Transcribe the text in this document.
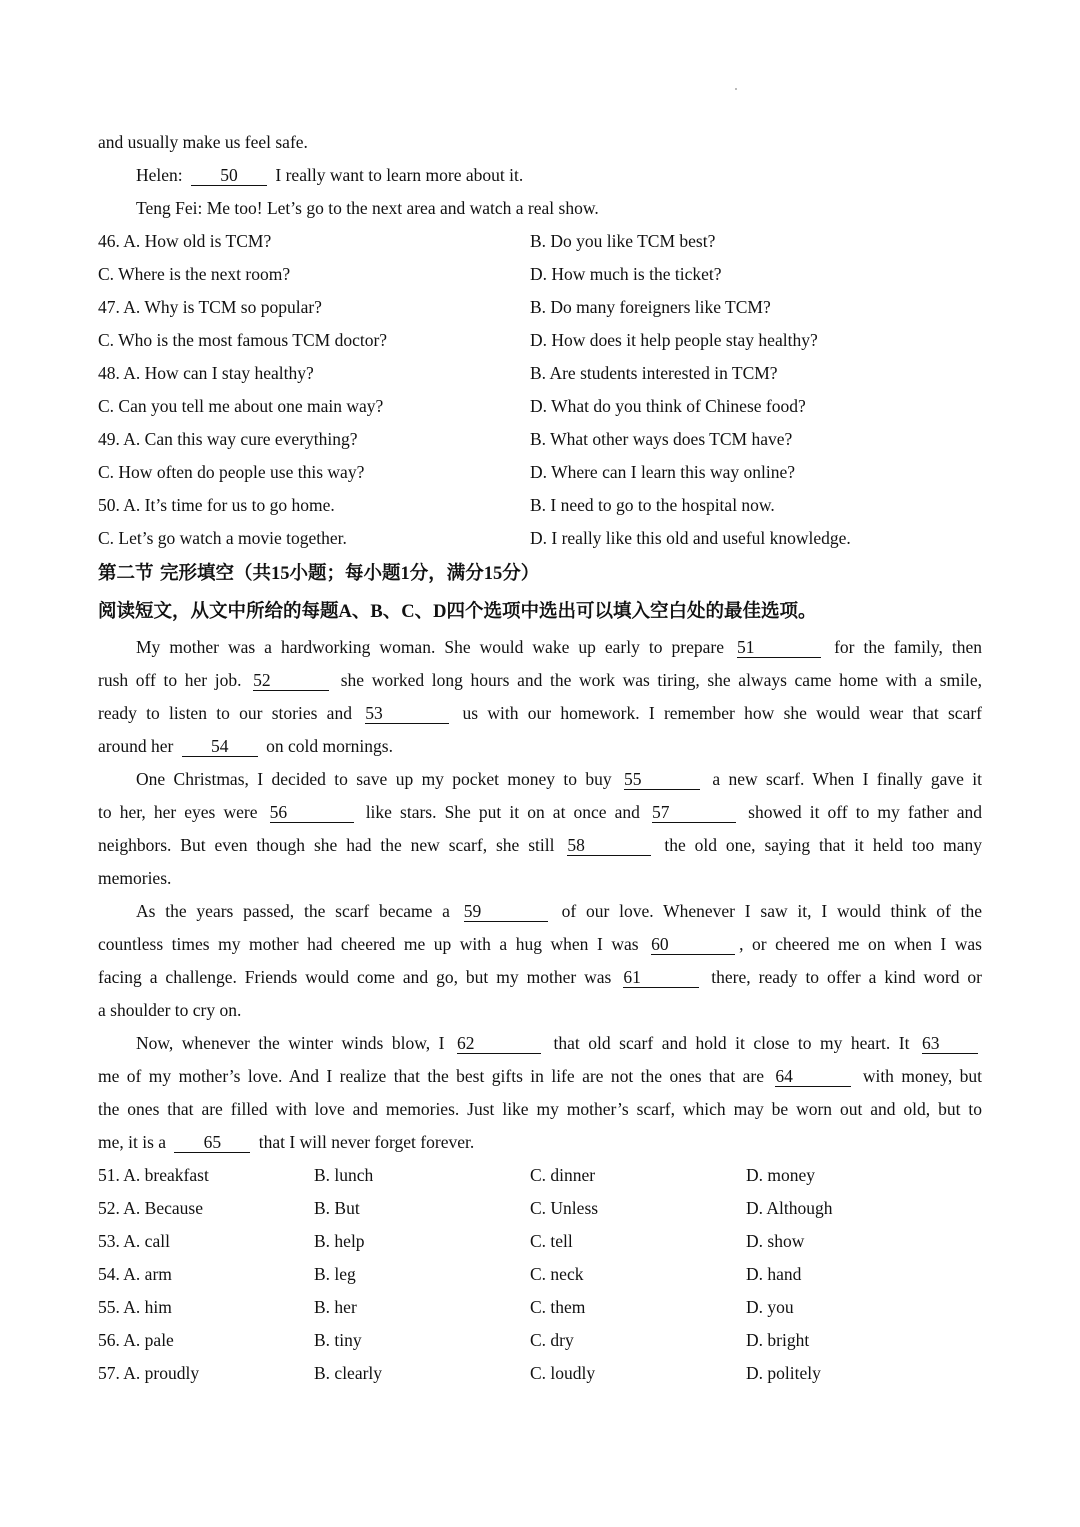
and usually make us feel safe.
Helen: 50 I really want to learn more about it.
Teng Fei: Me too! Let’s go to the next area and watch a real show.
46. A. How old is TCM?	B. Do you like TCM best?
C. Where is the next room?	D. How much is the ticket?
47. A. Why is TCM so popular?	B. Do many foreigners like TCM?
C. Who is the most famous TCM doctor?	D. How does it help people stay healthy?
48. A. How can I stay healthy?	B. Are students interested in TCM?
C. Can you tell me about one main way?	D. What do you think of Chinese food?
49. A. Can this way cure everything?	B. What other ways does TCM have?
C. How often do people use this way?	D. Where can I learn this way online?
50. A. It’s time for us to go home.	B. I need to go to the hospital now.
C. Let’s go watch a movie together.	D. I really like this old and useful knowledge.
第二节 完形填空（共15小题；每小题1分，满分15分）
阅读短文，从文中所给的每题A、B、C、D四个选项中选出可以填入空白处的最佳选项。
My mother was a hardworking woman. She would wake up early to prepare 51	for the family, then
rush off to her job. 52	she worked long hours and the work was tiring, she always came home with a smile,
ready to listen to our stories and 53	us with our homework. I remember how she would wear that scarf
around her 54 on cold mornings.
One Christmas, I decided to save up my pocket money to buy 55	a new scarf. When I finally gave it
to her, her eyes were 56	like stars. She put it on at once and 57	showed it off to my father and
neighbors. But even though she had the new scarf, she still 58	the old one, saying that it held too many
memories.
As the years passed, the scarf became a 59	of our love. Whenever I saw it, I would think of the
countless times my mother had cheered me up with a hug when I was 60	, or cheered me on when I was
facing a challenge. Friends would come and go, but my mother was 61	there, ready to offer a kind word or
a shoulder to cry on.
Now, whenever the winter winds blow, I 62	that old scarf and hold it close to my heart. It 63
me of my mother’s love. And I realize that the best gifts in life are not the ones that are 64	with money, but
the ones that are filled with love and memories. Just like my mother’s scarf, which may be worn out and old, but to
me, it is a 65 that I will never forget forever.
51. A. breakfast	B. lunch	C. dinner	D. money
52. A. Because	B. But	C. Unless	D. Although
53. A. call	B. help	C. tell	D. show
54. A. arm	B. leg	C. neck	D. hand
55. A. him	B. her	C. them	D. you
56. A. pale	B. tiny	C. dry	D. bright
57. A. proudly	B. clearly	C. loudly	D. politely
